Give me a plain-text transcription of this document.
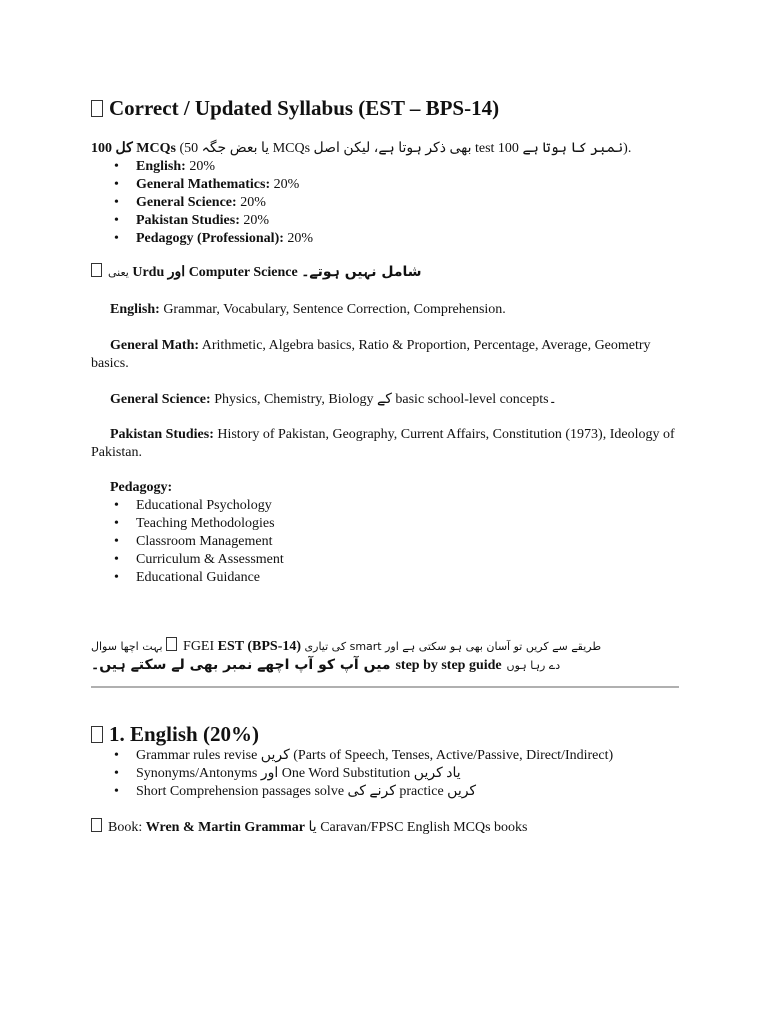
Correct / Updated Syllabus (EST – BPS-14)

100 کل MCQs (50 یا بعض جگہ MCQs بھی ذکر ہوتا ہے، لیکن اصل test 100 نمبر کا ہوتا ہے).

• English: 20%
• General Mathematics: 20%
• General Science: 20%
• Pakistan Studies: 20%
• Pedagogy (Professional): 20%

یعنی Urdu اور Computer Science شامل نہیں ہوتے۔

English: Grammar, Vocabulary, Sentence Correction, Comprehension.

General Math: Arithmetic, Algebra basics, Ratio & Proportion, Percentage, Average, Geometry basics.

General Science: Physics, Chemistry, Biology کے basic school-level concepts۔

Pakistan Studies: History of Pakistan, Geography, Current Affairs, Constitution (1973), Ideology of Pakistan.

Pedagogy:

• Educational Psychology
• Teaching Methodologies
• Classroom Management
• Curriculum & Assessment
• Educational Guidance
بہت اچھا سوال FGEI EST (BPS-14) کی تیاری smart طریقے سے کریں تو آسان بھی ہو سکتی ہے اور
میں آپ کو آپ اچھے نمبر بھی لے سکتے ہیں۔	step by step guide دے رہا ہوں
1. English (20%)
• Grammar rules revise کریں (Parts of Speech, Tenses, Active/Passive, Direct/Indirect)
• Synonyms/Antonyms اور One Word Substitution یاد کریں
• Short Comprehension passages solve کرنے کی practice کریں

Book: Wren & Martin Grammar یا Caravan/FPSC English MCQs books
